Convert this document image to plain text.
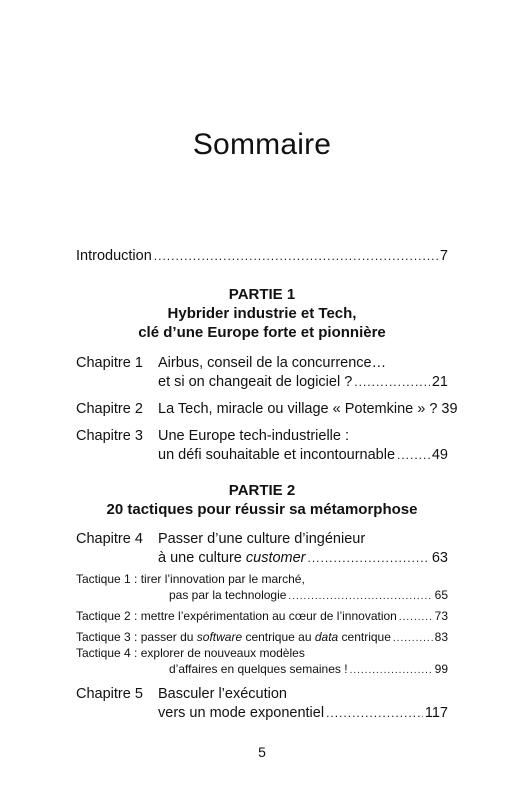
Sommaire
Introduction .....	7
PARTIE 1
Hybrider industrie et Tech,
clé d’une Europe forte et pionnière
Chapitre 1 Airbus, conseil de la concurrence…
et si on changeait de logiciel ? .....	21
Chapitre 2 La Tech, miracle ou village « Potemkine » ? 39
Chapitre 3 Une Europe tech-industrielle :
un défi souhaitable et incontournable .....	49
PARTIE 2
20 tactiques pour réussir sa métamorphose
Chapitre 4 Passer d’une culture d’ingénieur
à une culture customer .....	63
Tactique 1 : tirer l’innovation par le marché,
pas par la technologie .....	65
Tactique 2 : mettre l’expérimentation au cœur de l’innovation .....	73
Tactique 3 : passer du software centrique au data centrique .....	83
Tactique 4 : explorer de nouveaux modèles
d’affaires en quelques semaines ! .....	99
Chapitre 5 Basculer l’exécution
vers un mode exponentiel .....	117
5
